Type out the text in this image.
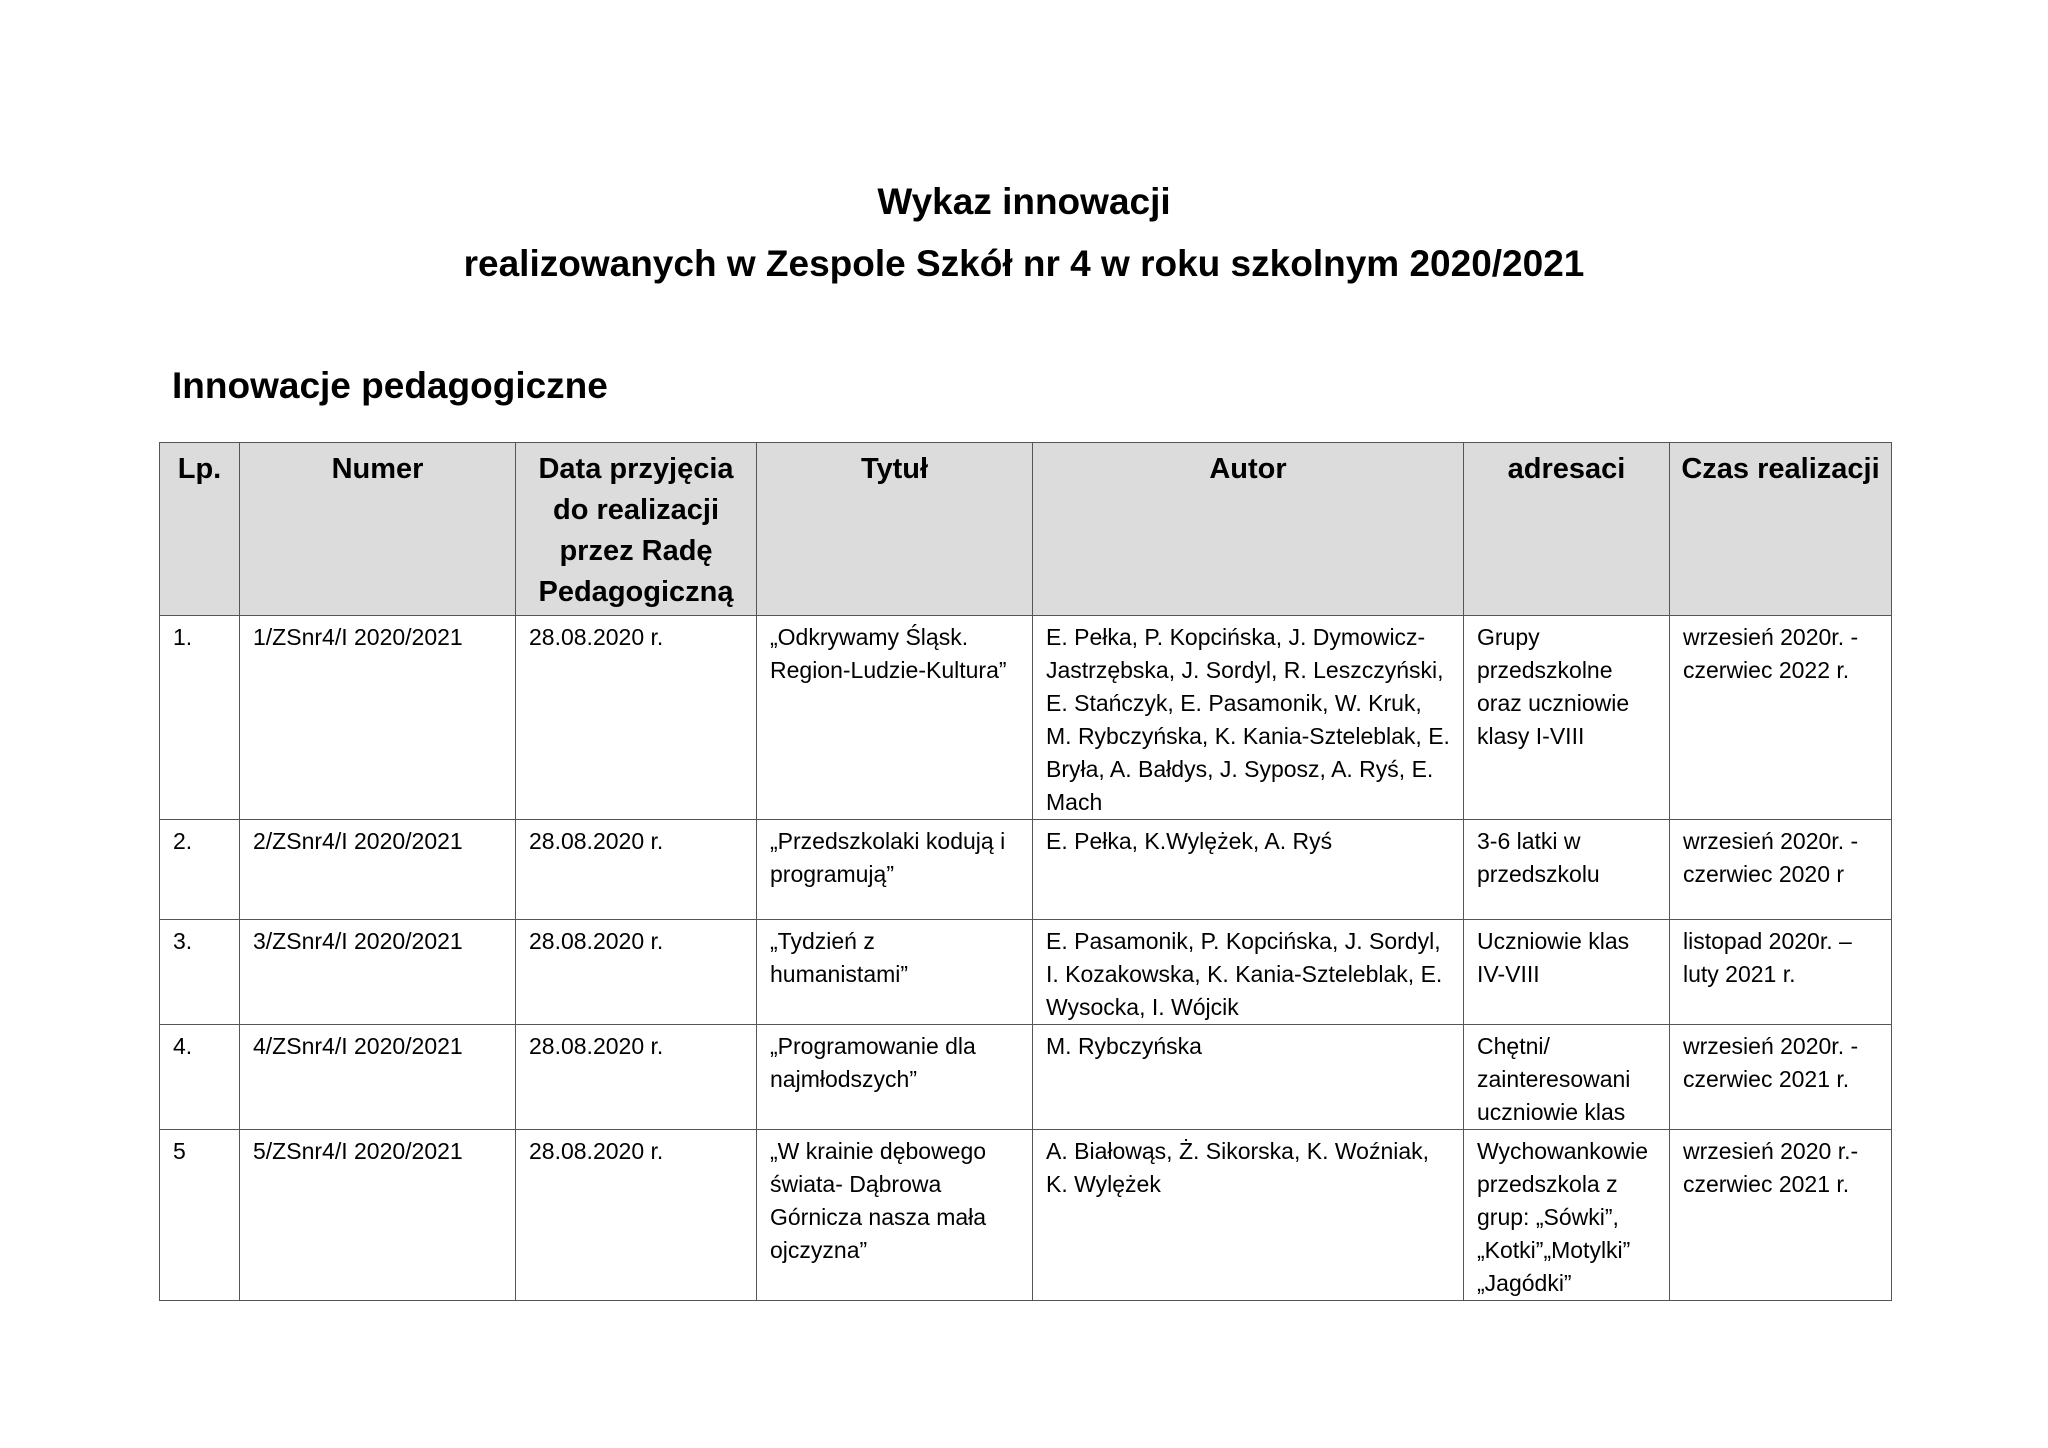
Wykaz innowacji
realizowanych w Zespole Szkół nr 4 w roku szkolnym 2020/2021
Innowacje pedagogiczne
Lp.	Numer	Data przyjęcia do realizacji przez Radę Pedagogiczną	Tytuł	Autor	adresaci	Czas realizacji
1.	1/ZSnr4/I 2020/2021	28.08.2020 r.	„Odkrywamy Śląsk. Region-Ludzie-Kultura”	E. Pełka, P. Kopcińska, J. Dymowicz-Jastrzębska, J. Sordyl, R. Leszczyński, E. Stańczyk, E. Pasamonik, W. Kruk, M. Rybczyńska, K. Kania-Szteleblak, E. Bryła, A. Bałdys, J. Syposz, A. Ryś, E. Mach	Grupy przedszkolne oraz uczniowie klasy I-VIII	wrzesień 2020r. - czerwiec 2022 r.
2.	2/ZSnr4/I 2020/2021	28.08.2020 r.	„Przedszkolaki kodują i programują”	E. Pełka, K.Wylężek, A. Ryś	3-6 latki w przedszkolu	wrzesień 2020r. - czerwiec 2020 r
3.	3/ZSnr4/I 2020/2021	28.08.2020 r.	„Tydzień z humanistami”	E. Pasamonik, P. Kopcińska, J. Sordyl, I. Kozakowska, K. Kania-Szteleblak, E. Wysocka, I. Wójcik	Uczniowie klas IV-VIII	listopad 2020r. – luty 2021 r.
4.	4/ZSnr4/I 2020/2021	28.08.2020 r.	„Programowanie dla najmłodszych”	M. Rybczyńska	Chętni/ zainteresowani uczniowie klas	wrzesień 2020r. - czerwiec 2021 r.
5	5/ZSnr4/I 2020/2021	28.08.2020 r.	„W krainie dębowego świata- Dąbrowa Górnicza nasza mała ojczyzna”	A. Białowąs, Ż. Sikorska, K. Woźniak, K. Wylężek	Wychowankowie przedszkola z grup: „Sówki”, „Kotki”„Motylki” „Jagódki”	wrzesień 2020 r.- czerwiec 2021 r.
